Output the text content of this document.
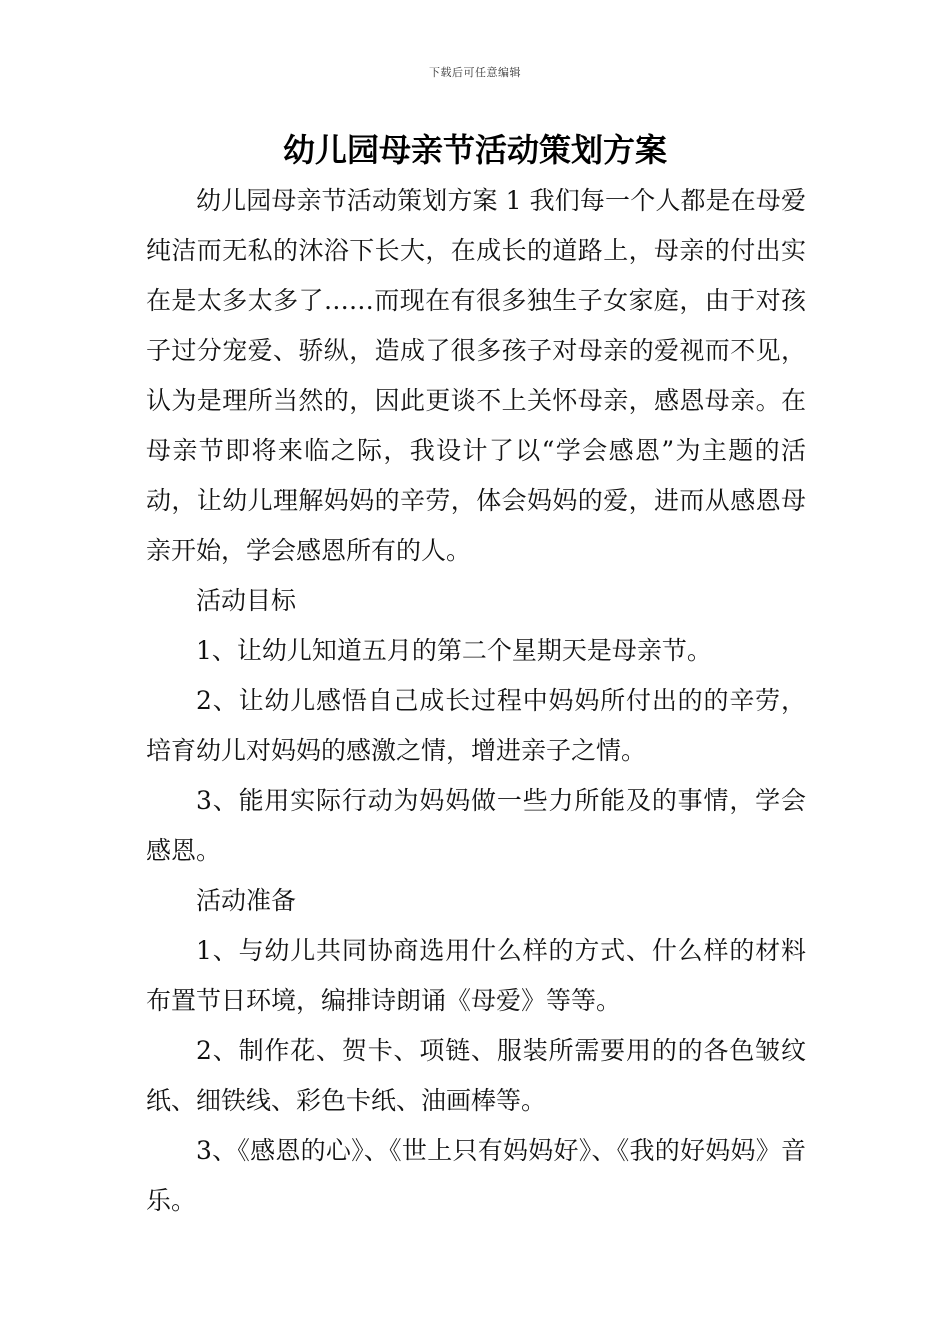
下载后可任意编辑
幼儿园母亲节活动策划方案

幼儿园母亲节活动策划方案 1 我们每一个人都是在母爱纯洁而无私的沐浴下长大，在成长的道路上，母亲的付出实在是太多太多了……而现在有很多独生子女家庭，由于对孩子过分宠爱、骄纵，造成了很多孩子对母亲的爱视而不见，认为是理所当然的，因此更谈不上关怀母亲，感恩母亲。在母亲节即将来临之际，我设计了以“学会感恩”为主题的活动，让幼儿理解妈妈的辛劳，体会妈妈的爱，进而从感恩母亲开始，学会感恩所有的人。

活动目标

1、让幼儿知道五月的第二个星期天是母亲节。

2、让幼儿感悟自己成长过程中妈妈所付出的的辛劳，培育幼儿对妈妈的感激之情，增进亲子之情。

3、能用实际行动为妈妈做一些力所能及的事情，学会感恩。

活动准备

1、与幼儿共同协商选用什么样的方式、什么样的材料布置节日环境，编排诗朗诵《母爱》等等。

2、制作花、贺卡、项链、服装所需要用的的各色皱纹纸、细铁线、彩色卡纸、油画棒等。

3、《感恩的心》、《世上只有妈妈好》、《我的好妈妈》音乐。
